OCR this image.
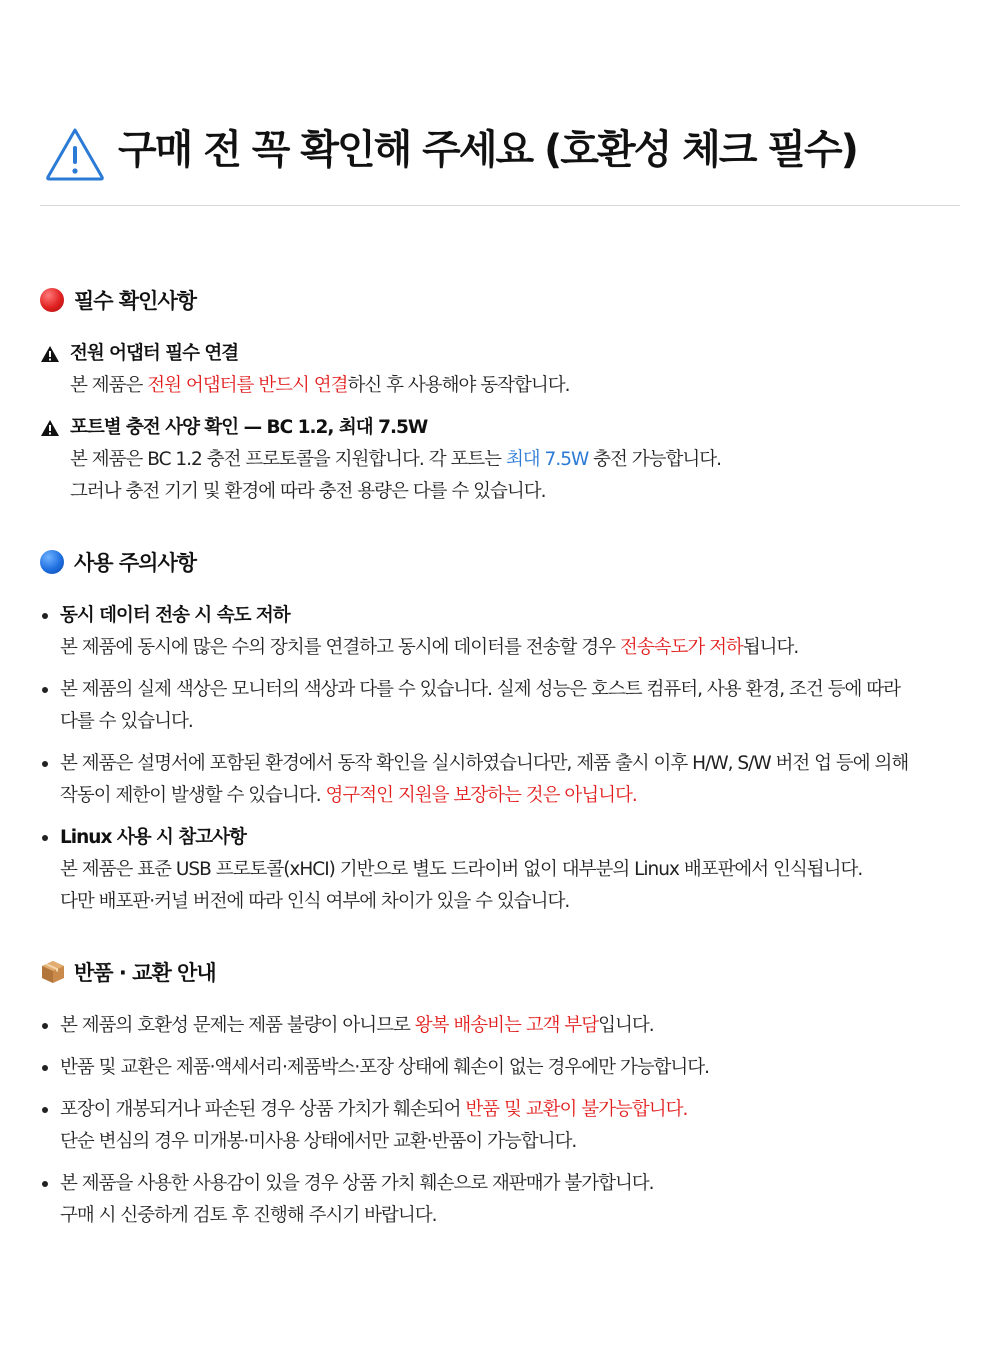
구매 전 꼭 확인해 주세요 (호환성 체크 필수)
필수 확인사항
전원 어댑터 필수 연결
본 제품은 전원 어댑터를 반드시 연결하신 후 사용해야 동작합니다.
포트별 충전 사양 확인 — BC 1.2, 최대 7.5W
본 제품은 BC 1.2 충전 프로토콜을 지원합니다. 각 포트는 최대 7.5W 충전 가능합니다.
그러나 충전 기기 및 환경에 따라 충전 용량은 다를 수 있습니다.
사용 주의사항
동시 데이터 전송 시 속도 저하
본 제품에 동시에 많은 수의 장치를 연결하고 동시에 데이터를 전송할 경우 전송속도가 저하됩니다.
본 제품의 실제 색상은 모니터의 색상과 다를 수 있습니다. 실제 성능은 호스트 컴퓨터, 사용 환경, 조건 등에 따라
다를 수 있습니다.
본 제품은 설명서에 포함된 환경에서 동작 확인을 실시하였습니다만, 제품 출시 이후 H/W, S/W 버전 업 등에 의해
작동이 제한이 발생할 수 있습니다. 영구적인 지원을 보장하는 것은 아닙니다.
Linux 사용 시 참고사항
본 제품은 표준 USB 프로토콜(xHCI) 기반으로 별도 드라이버 없이 대부분의 Linux 배포판에서 인식됩니다.
다만 배포판·커널 버전에 따라 인식 여부에 차이가 있을 수 있습니다.
반품 · 교환 안내
본 제품의 호환성 문제는 제품 불량이 아니므로 왕복 배송비는 고객 부담입니다.
반품 및 교환은 제품·액세서리·제품박스·포장 상태에 훼손이 없는 경우에만 가능합니다.
포장이 개봉되거나 파손된 경우 상품 가치가 훼손되어 반품 및 교환이 불가능합니다.
단순 변심의 경우 미개봉·미사용 상태에서만 교환·반품이 가능합니다.
본 제품을 사용한 사용감이 있을 경우 상품 가치 훼손으로 재판매가 불가합니다.
구매 시 신중하게 검토 후 진행해 주시기 바랍니다.
